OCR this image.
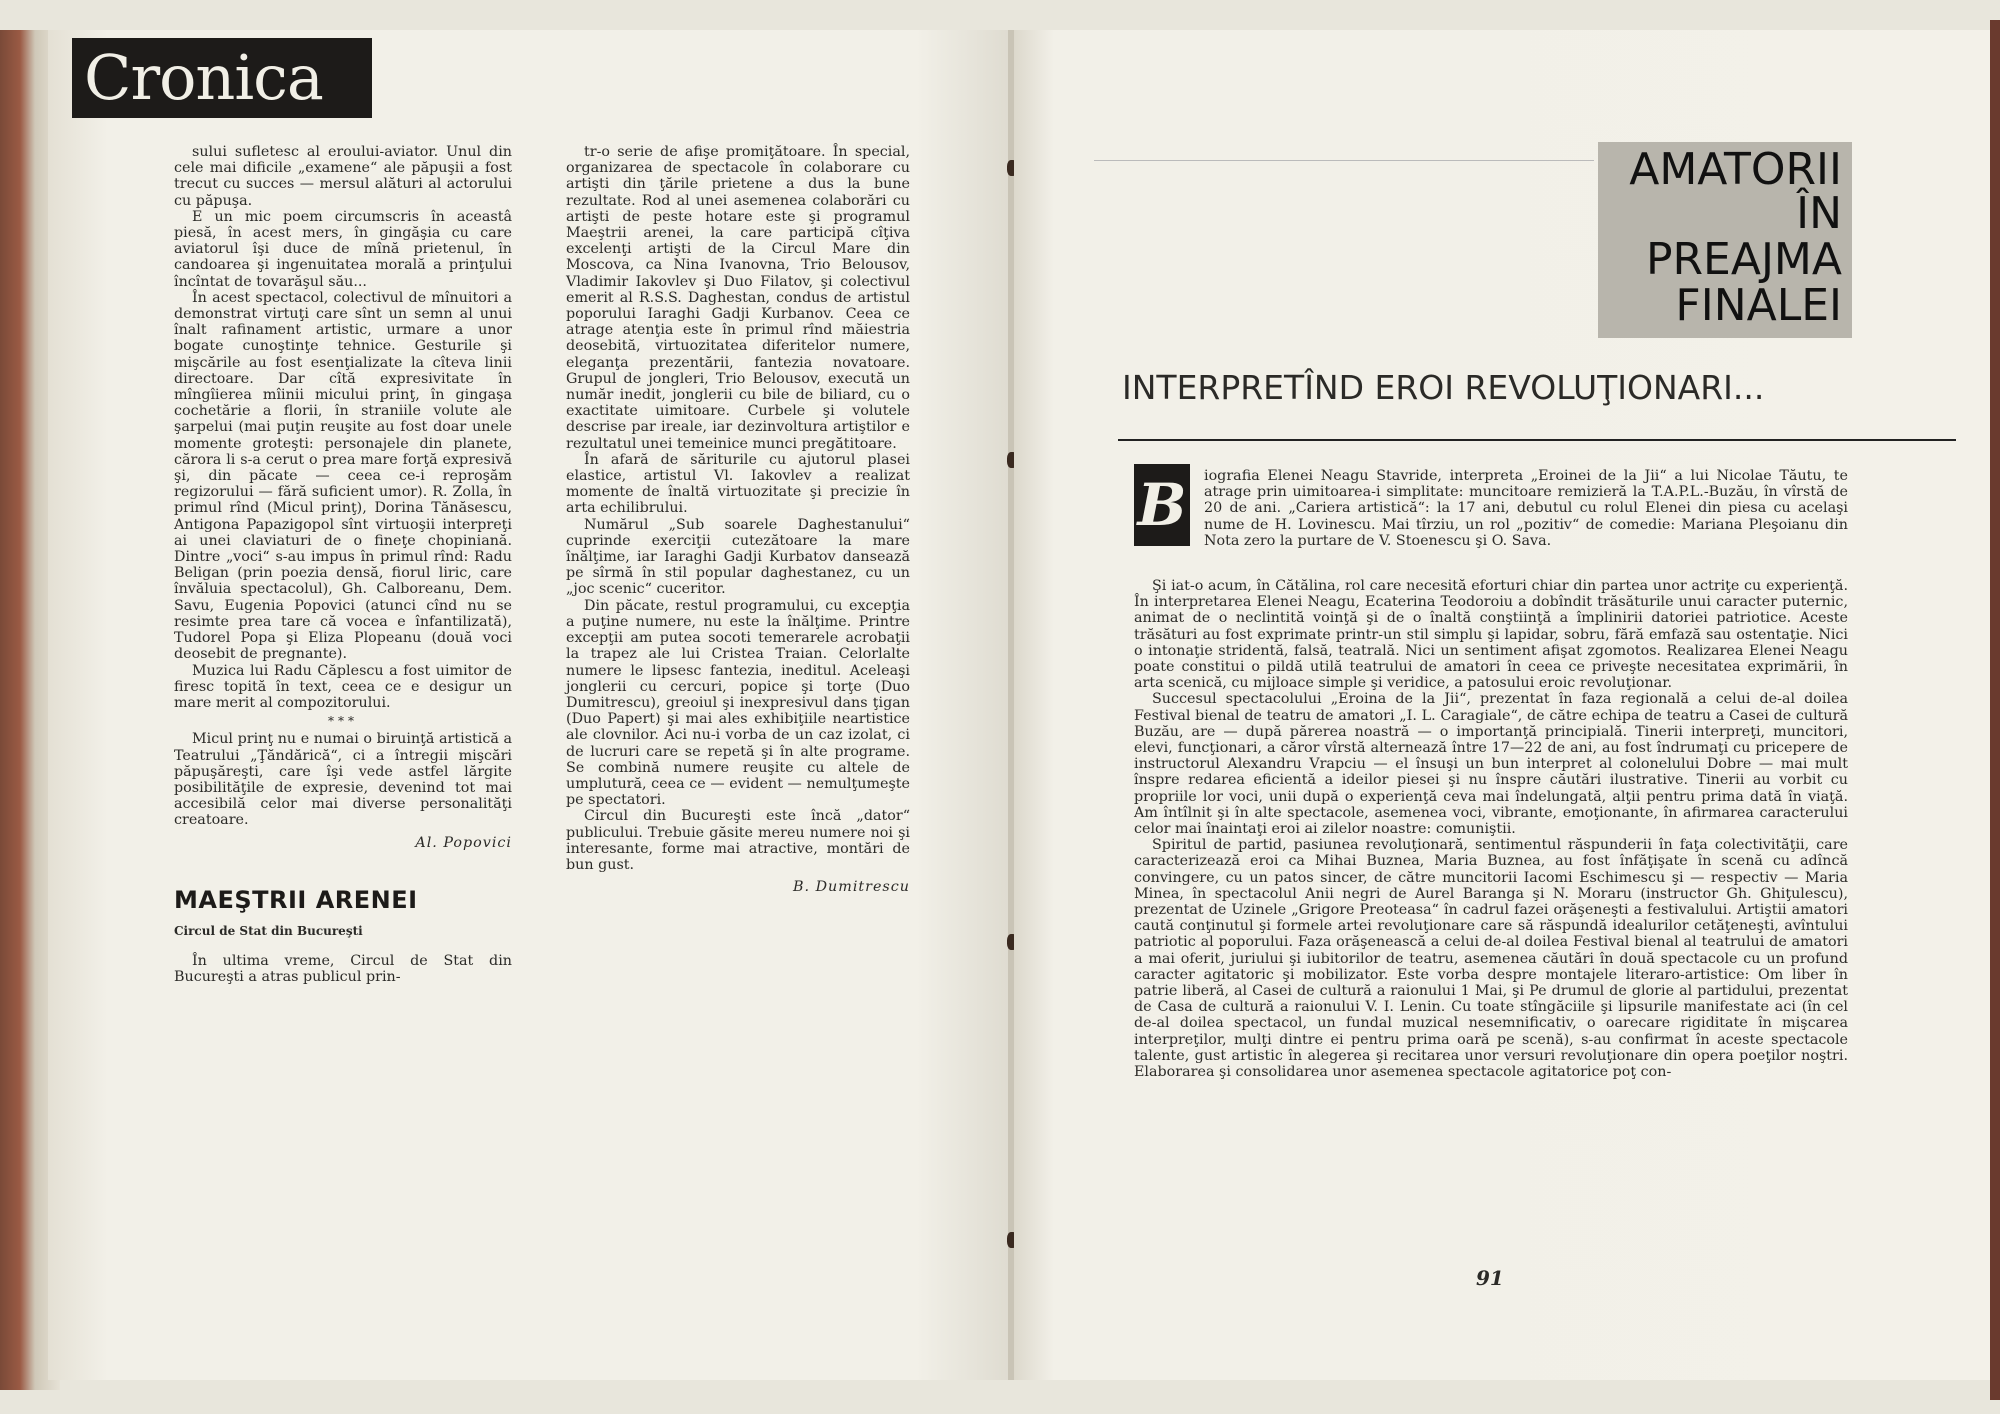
Cronica

sului sufletesc al eroului-aviator. Unul din cele mai dificile „examene“ ale păpuşii a fost trecut cu succes — mersul alături al actorului cu păpuşa.

E un mic poem circumscris în aceastâ piesă, în acest mers, în gingăşia cu care aviatorul îşi duce de mînă prietenul, în candoarea şi ingenuitatea morală a prinţului încîntat de tovarăşul său...

În acest spectacol, colectivul de mînuitori a demonstrat virtuţi care sînt un semn al unui înalt rafinament artistic, urmare a unor bogate cunoştinţe tehnice. Gesturile şi mişcările au fost esenţializate la cîteva linii directoare. Dar cîtă expresivitate în mîngîierea mîinii micului prinţ, în gingaşa cochetărie a florii, în straniile volute ale şarpelui (mai puţin reuşite au fost doar unele momente groteşti: personajele din planete, cărora li s-a cerut o prea mare forţă expresivă şi, din păcate — ceea ce-i reproşăm regizorului — fără suficient umor). R. Zolla, în primul rînd (Micul prinţ), Dorina Tănăsescu, Antigona Papazigopol sînt virtuoşii interpreţi ai unei claviaturi de o fineţe chopiniană. Dintre „voci“ s-au impus în primul rînd: Radu Beligan (prin poezia densă, fiorul liric, care învăluia spectacolul), Gh. Calboreanu, Dem. Savu, Eugenia Popovici (atunci cînd nu se resimte prea tare că vocea e înfantilizată), Tudorel Popa şi Eliza Plopeanu (două voci deosebit de pregnante).

Muzica lui Radu Căplescu a fost uimitor de firesc topită în text, ceea ce e desigur un mare merit al compozitorului.

***

Micul prinţ nu e numai o biruinţă artistică a Teatrului „Ţăndărică“, ci a întregii mişcări păpuşăreşti, care îşi vede astfel lărgite posibilităţile de expresie, devenind tot mai accesibilă celor mai diverse personalităţi creatoare.

Al. Popovici
MAEŞTRII ARENEI
Circul de Stat din Bucureşti

În ultima vreme, Circul de Stat din Bucureşti a atras publicul prin-

tr-o serie de afişe promiţătoare. În special, organizarea de spectacole în colaborare cu artişti din ţările prietene a dus la bune rezultate. Rod al unei asemenea colaborări cu artişti de peste hotare este şi programul Maeştrii arenei, la care participă cîţiva excelenţi artişti de la Circul Mare din Moscova, ca Nina Ivanovna, Trio Belousov, Vladimir Iakovlev şi Duo Filatov, şi colectivul emerit al R.S.S. Daghestan, condus de artistul poporului Iaraghi Gadji Kurbanov. Ceea ce atrage atenţia este în primul rînd măiestria deosebită, virtuozitatea diferitelor numere, eleganţa prezentării, fantezia novatoare. Grupul de jongleri, Trio Belousov, execută un număr inedit, jonglerii cu bile de biliard, cu o exactitate uimitoare. Curbele şi volutele descrise par ireale, iar dezinvoltura artiştilor e rezultatul unei temeinice munci pregătitoare.

În afară de săriturile cu ajutorul plasei elastice, artistul Vl. Iakovlev a realizat momente de înaltă virtuozitate şi precizie în arta echilibrului.

Numărul „Sub soarele Daghestanului“ cuprinde exerciţii cutezătoare la mare înălţime, iar Iaraghi Gadji Kurbatov dansează pe sîrmă în stil popular daghestanez, cu un „joc scenic“ cuceritor.

Din păcate, restul programului, cu excepţia a puţine numere, nu este la înălţime. Printre excepţii am putea socoti temerarele acrobaţii la trapez ale lui Cristea Traian. Celorlalte numere le lipsesc fantezia, ineditul. Aceleaşi jonglerii cu cercuri, popice şi torţe (Duo Dumitrescu), greoiul şi inexpresivul dans ţigan (Duo Papert) şi mai ales exhibiţiile neartistice ale clovnilor. Aci nu-i vorba de un caz izolat, ci de lucruri care se repetă şi în alte programe. Se combină numere reuşite cu altele de umplutură, ceea ce — evident — nemulţumeşte pe spectatori.

Circul din Bucureşti este încă „dator“ publicului. Trebuie găsite mereu numere noi şi interesante, forme mai atractive, montări de bun gust.

B. Dumitrescu
AMATORII
ÎN
PREAJMA
FINALEI
INTERPRETÎND EROI REVOLUŢIONARI...
B iografia Elenei Neagu Stavride, interpreta „Eroinei de la Jii“ a lui Nicolae Tăutu, te atrage prin uimitoarea-i simplitate: muncitoare remizieră la T.A.P.L.-Buzău, în vîrstă de 20 de ani. „Cariera artistică“: la 17 ani, debutul cu rolul Elenei din piesa cu acelaşi nume de H. Lovinescu. Mai tîrziu, un rol „pozitiv“ de comedie: Mariana Pleşoianu din Nota zero la purtare de V. Stoenescu şi O. Sava.

Şi iat-o acum, în Cătălina, rol care necesită eforturi chiar din partea unor actriţe cu experienţă. În interpretarea Elenei Neagu, Ecaterina Teodoroiu a dobîndit trăsăturile unui caracter puternic, animat de o neclintită voinţă şi de o înaltă conştiinţă a împlinirii datoriei patriotice. Aceste trăsături au fost exprimate printr-un stil simplu şi lapidar, sobru, fără emfază sau ostentaţie. Nici o intonaţie stridentă, falsă, teatrală. Nici un sentiment afişat zgomotos. Realizarea Elenei Neagu poate constitui o pildă utilă teatrului de amatori în ceea ce priveşte necesitatea exprimării, în arta scenică, cu mijloace simple şi veridice, a patosului eroic revoluţionar.

Succesul spectacolului „Eroina de la Jii“, prezentat în faza regională a celui de-al doilea Festival bienal de teatru de amatori „I. L. Caragiale“, de către echipa de teatru a Casei de cultură Buzău, are — după părerea noastră — o importanţă principială. Tinerii interpreţi, muncitori, elevi, funcţionari, a căror vîrstă alternează între 17—22 de ani, au fost îndrumaţi cu pricepere de instructorul Alexandru Vrapciu — el însuşi un bun interpret al colonelului Dobre — mai mult înspre redarea eficientă a ideilor piesei şi nu înspre căutări ilustrative. Tinerii au vorbit cu propriile lor voci, unii după o experienţă ceva mai îndelungată, alţii pentru prima dată în viaţă. Am întîlnit şi în alte spectacole, asemenea voci, vibrante, emoţionante, în afirmarea caracterului celor mai înaintaţi eroi ai zilelor noastre: comuniştii.

Spiritul de partid, pasiunea revoluţionară, sentimentul răspunderii în faţa colectivităţii, care caracterizează eroi ca Mihai Buznea, Maria Buznea, au fost înfăţişate în scenă cu adîncă convingere, cu un patos sincer, de către muncitorii Iacomi Eschimescu şi — respectiv — Maria Minea, în spectacolul Anii negri de Aurel Baranga şi N. Moraru (instructor Gh. Ghiţulescu), prezentat de Uzinele „Grigore Preoteasa“ în cadrul fazei orăşeneşti a festivalului. Artiştii amatori caută conţinutul şi formele artei revoluţionare care să răspundă idealurilor cetăţeneşti, avîntului patriotic al poporului. Faza orăşenească a celui de-al doilea Festival bienal al teatrului de amatori a mai oferit, juriului şi iubitorilor de teatru, asemenea căutări în două spectacole cu un profund caracter agitatoric şi mobilizator. Este vorba despre montajele literaro-artistice: Om liber în patrie liberă, al Casei de cultură a raionului 1 Mai, şi Pe drumul de glorie al partidului, prezentat de Casa de cultură a raionului V. I. Lenin. Cu toate stîngăciile şi lipsurile manifestate aci (în cel de-al doilea spectacol, un fundal muzical nesemnificativ, o oarecare rigiditate în mişcarea interpreţilor, mulţi dintre ei pentru prima oară pe scenă), s-au confirmat în aceste spectacole talente, gust artistic în alegerea şi recitarea unor versuri revoluţionare din opera poeţilor noştri. Elaborarea şi consolidarea unor asemenea spectacole agitatorice poţ con-

91
